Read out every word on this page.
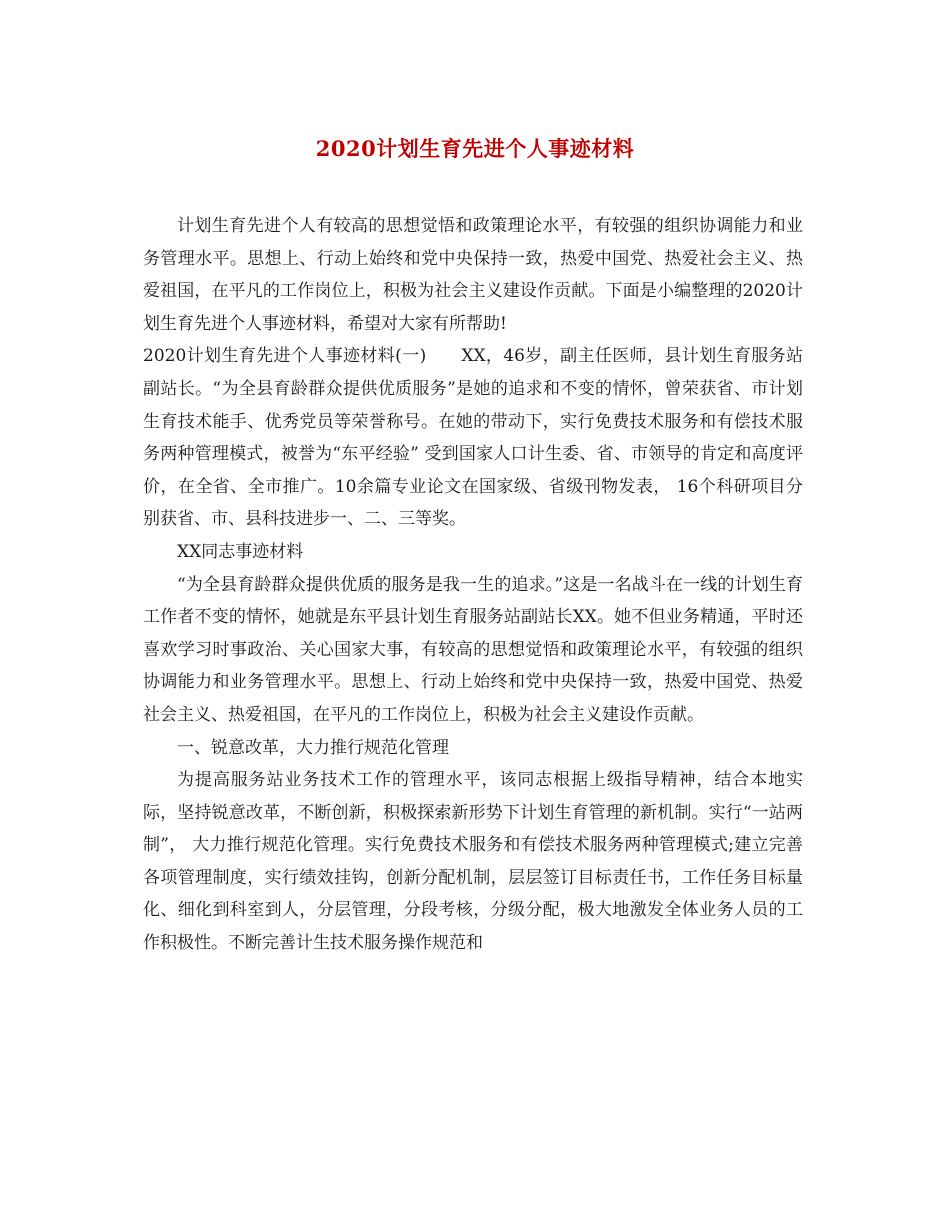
2020计划生育先进个人事迹材料

计划生育先进个人有较高的思想觉悟和政策理论水平，有较强的组织协调能力和业务管理水平。思想上、行动上始终和党中央保持一致，热爱中国党、热爱社会主义、热爱祖国，在平凡的工作岗位上，积极为社会主义建设作贡献。下面是小编整理的2020计划生育先进个人事迹材料，希望对大家有所帮助!

2020计划生育先进个人事迹材料(一)　　XX，46岁，副主任医师，县计划生育服务站副站长。“为全县育龄群众提供优质服务”是她的追求和不变的情怀，曾荣获省、市计划生育技术能手、优秀党员等荣誉称号。在她的带动下，实行免费技术服务和有偿技术服务两种管理模式，被誉为“东平经验” 受到国家人口计生委、省、市领导的肯定和高度评价，在全省、全市推广。10余篇专业论文在国家级、省级刊物发表， 16个科研项目分别获省、市、县科技进步一、二、三等奖。

XX同志事迹材料

“为全县育龄群众提供优质的服务是我一生的追求。”这是一名战斗在一线的计划生育工作者不变的情怀，她就是东平县计划生育服务站副站长XX。她不但业务精通，平时还喜欢学习时事政治、关心国家大事，有较高的思想觉悟和政策理论水平，有较强的组织协调能力和业务管理水平。思想上、行动上始终和党中央保持一致，热爱中国党、热爱社会主义、热爱祖国，在平凡的工作岗位上，积极为社会主义建设作贡献。

一、锐意改革，大力推行规范化管理

为提高服务站业务技术工作的管理水平，该同志根据上级指导精神，结合本地实际，坚持锐意改革，不断创新，积极探索新形势下计划生育管理的新机制。实行“一站两制”， 大力推行规范化管理。实行免费技术服务和有偿技术服务两种管理模式;建立完善各项管理制度，实行绩效挂钩，创新分配机制，层层签订目标责任书，工作任务目标量化、细化到科室到人，分层管理，分段考核，分级分配，极大地激发全体业务人员的工作积极性。不断完善计生技术服务操作规范和
